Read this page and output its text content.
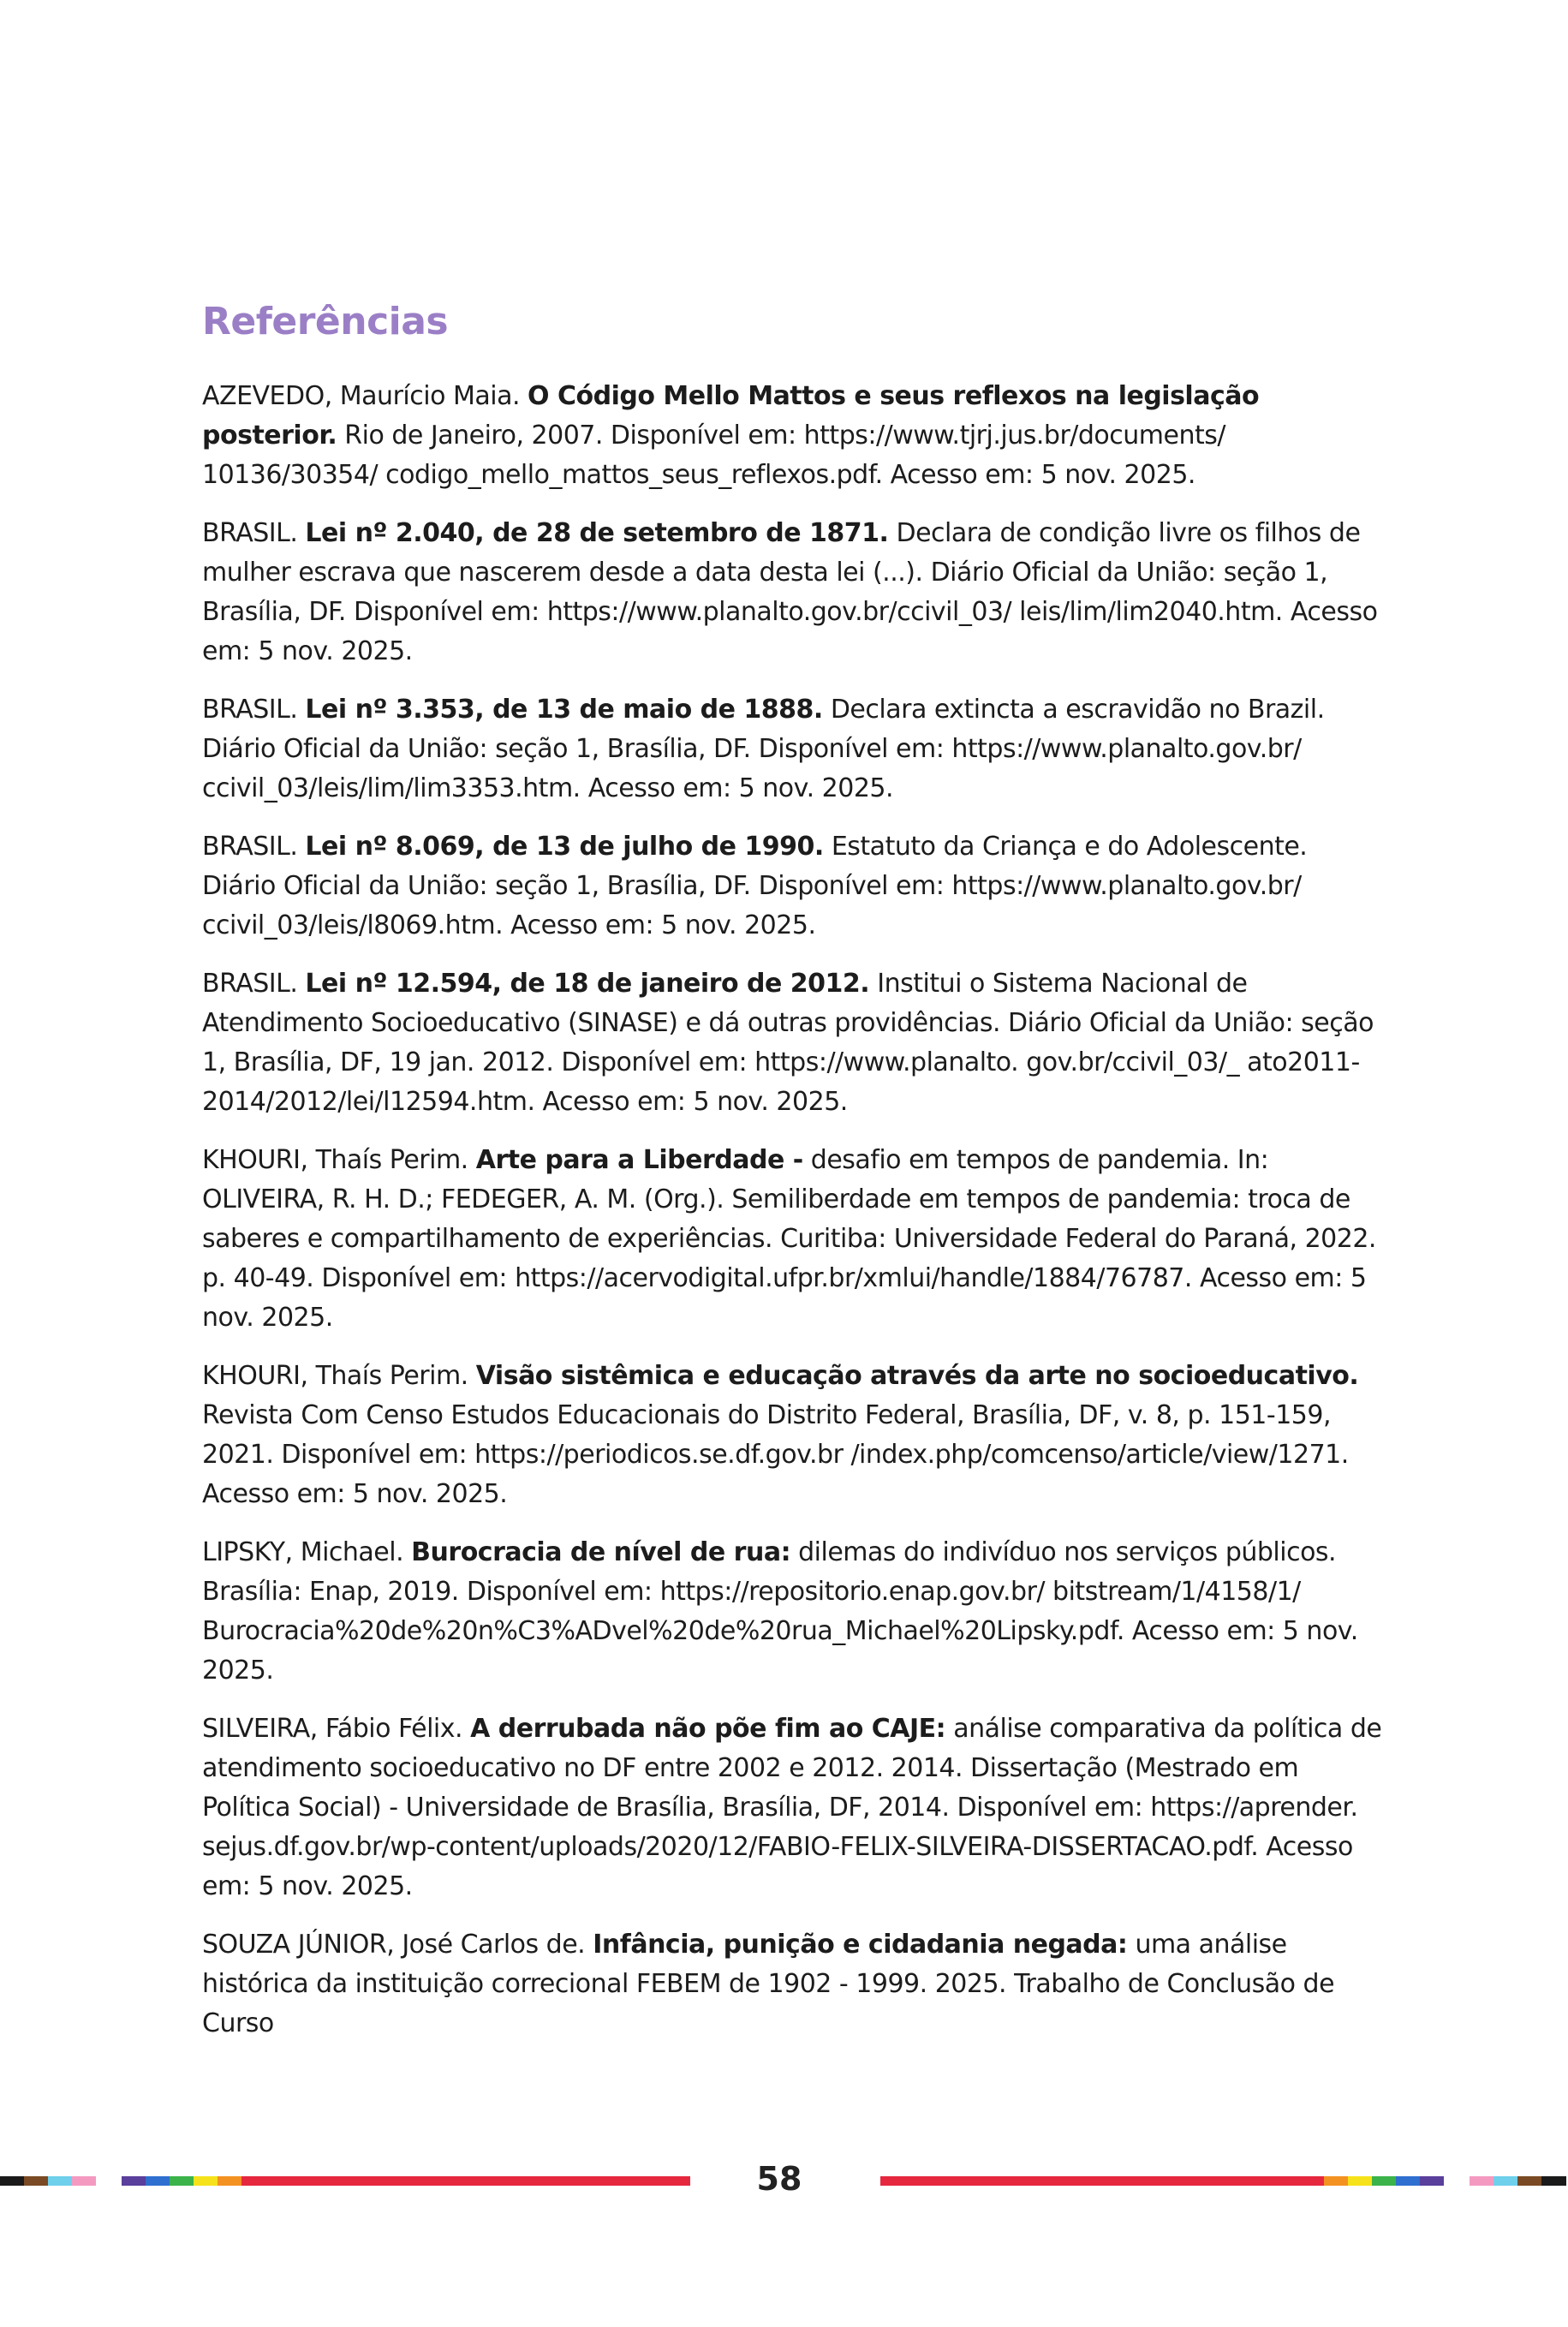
Referências

AZEVEDO, Maurício Maia. O Código Mello Mattos e seus reflexos na legislação posterior. Rio de Janeiro, 2007. Disponível em: https://www.tjrj.jus.br/documents/ 10136/30354/ codigo_mello_mattos_seus_reflexos.pdf. Acesso em: 5 nov. 2025.

BRASIL. Lei nº 2.040, de 28 de setembro de 1871. Declara de condição livre os filhos de mulher escrava que nascerem desde a data desta lei (...). Diário Oficial da União: seção 1, Brasília, DF. Disponível em: https://www.planalto.gov.br/ccivil_03/ leis/lim/lim2040.htm. Acesso em: 5 nov. 2025.

BRASIL. Lei nº 3.353, de 13 de maio de 1888. Declara extincta a escravidão no Brazil. Diário Oficial da União: seção 1, Brasília, DF. Disponível em: https://www.planalto.gov.br/ ccivil_03/leis/lim/lim3353.htm. Acesso em: 5 nov. 2025.

BRASIL. Lei nº 8.069, de 13 de julho de 1990. Estatuto da Criança e do Adolescente. Diário Oficial da União: seção 1, Brasília, DF. Disponível em: https://www.planalto.gov.br/ ccivil_03/leis/l8069.htm. Acesso em: 5 nov. 2025.

BRASIL. Lei nº 12.594, de 18 de janeiro de 2012. Institui o Sistema Nacional de Atendimento Socioeducativo (SINASE) e dá outras providências. Diário Oficial da União: seção 1, Brasília, DF, 19 jan. 2012. Disponível em: https://www.planalto. gov.br/ccivil_03/_ ato2011-2014/2012/lei/l12594.htm. Acesso em: 5 nov. 2025.

KHOURI, Thaís Perim. Arte para a Liberdade - desafio em tempos de pandemia. In: OLIVEIRA, R. H. D.; FEDEGER, A. M. (Org.). Semiliberdade em tempos de pandemia: troca de saberes e compartilhamento de experiências. Curitiba: Universidade Federal do Paraná, 2022. p. 40-49. Disponível em: https://acervodigital.ufpr.br/xmlui/handle/1884/76787. Acesso em: 5 nov. 2025.

KHOURI, Thaís Perim. Visão sistêmica e educação através da arte no socioeducativo. Revista Com Censo Estudos Educacionais do Distrito Federal, Brasília, DF, v. 8, p. 151-159, 2021. Disponível em: https://periodicos.se.df.gov.br /index.php/comcenso/article/view/1271. Acesso em: 5 nov. 2025.

LIPSKY, Michael. Burocracia de nível de rua: dilemas do indivíduo nos serviços públicos. Brasília: Enap, 2019. Disponível em: https://repositorio.enap.gov.br/ bitstream/1/4158/1/ Burocracia%20de%20n%C3%ADvel%20de%20rua_Michael%20Lipsky.pdf. Acesso em: 5 nov. 2025.

SILVEIRA, Fábio Félix. A derrubada não põe fim ao CAJE: análise comparativa da política de atendimento socioeducativo no DF entre 2002 e 2012. 2014. Dissertação (Mestrado em Política Social) - Universidade de Brasília, Brasília, DF, 2014. Disponível em: https://aprender. sejus.df.gov.br/wp-content/uploads/2020/12/FABIO-FELIX-SILVEIRA-DISSERTACAO.pdf. Acesso em: 5 nov. 2025.

SOUZA JÚNIOR, José Carlos de. Infância, punição e cidadania negada: uma análise histórica da instituição correcional FEBEM de 1902 - 1999. 2025. Trabalho de Conclusão de Curso

58
